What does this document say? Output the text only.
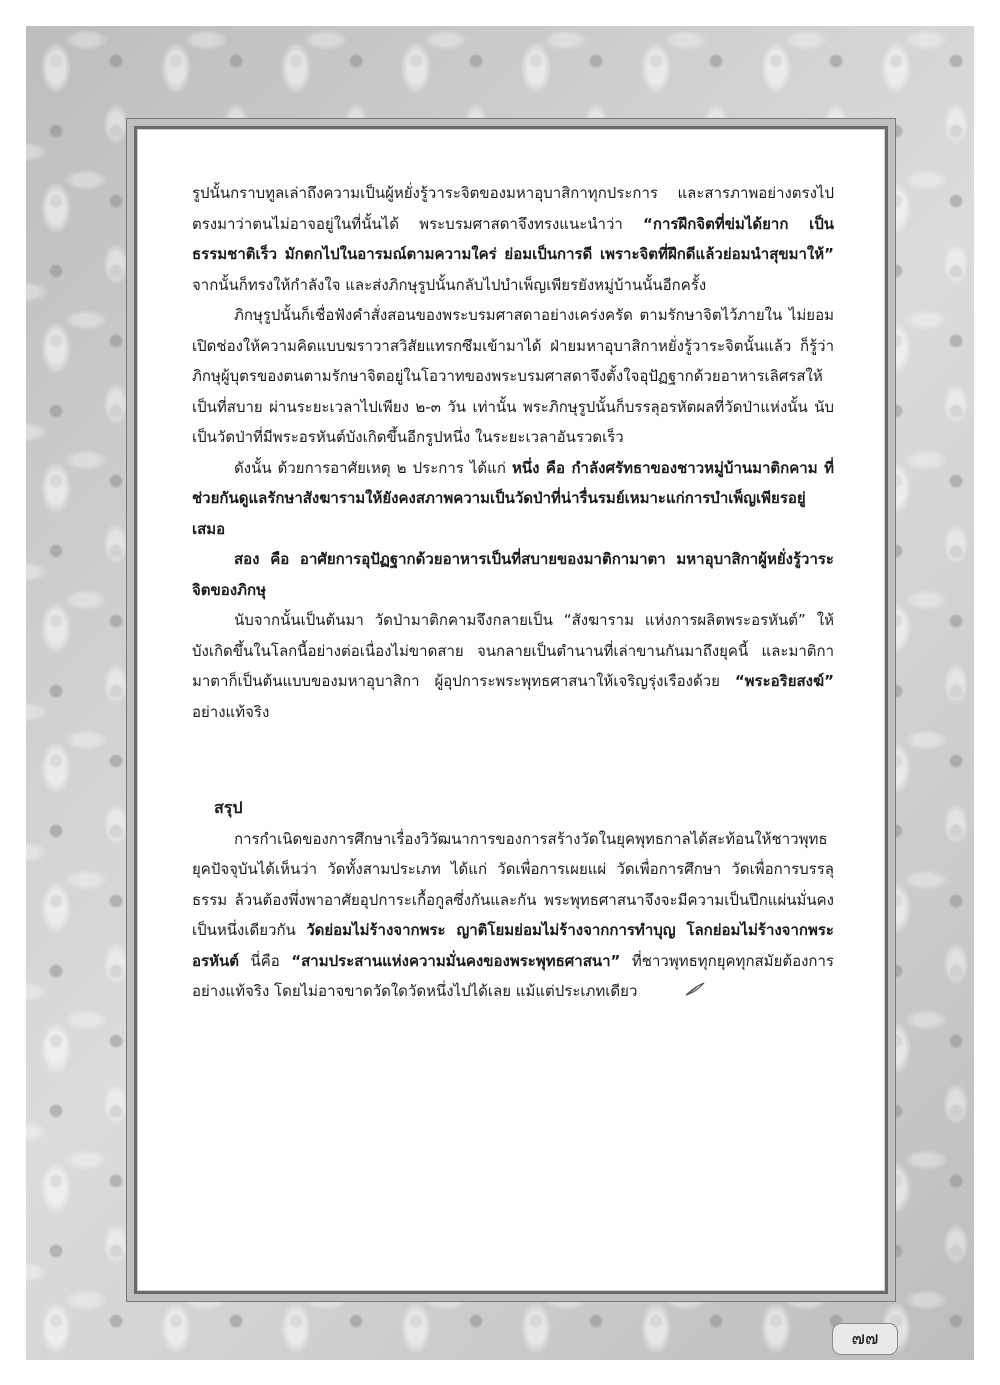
รูปนั้นกราบทูลเล่าถึงความเป็นผู้หยั่งรู้วาระจิตของมหาอุบาสิกาทุกประการ และสารภาพอย่างตรงไปตรงมาว่าตนไม่อาจอยู่ในที่นั้นได้ พระบรมศาสดาจึงทรงแนะนำว่า “การฝึกจิตที่ข่มได้ยาก เป็นธรรมชาติเร็ว มักตกไปในอารมณ์ตามความใคร่ ย่อมเป็นการดี เพราะจิตที่ฝึกดีแล้วย่อมนำสุขมาให้” จากนั้นก็ทรงให้กำลังใจ และส่งภิกษุรูปนั้นกลับไปบำเพ็ญเพียรยังหมู่บ้านนั้นอีกครั้ง

ภิกษุรูปนั้นก็เชื่อฟังคำสั่งสอนของพระบรมศาสดาอย่างเคร่งครัด ตามรักษาจิตไว้ภายใน ไม่ยอมเปิดช่องให้ความคิดแบบฆราวาสวิสัยแทรกซึมเข้ามาได้ ฝ่ายมหาอุบาสิกาหยั่งรู้วาระจิตนั้นแล้ว ก็รู้ว่าภิกษุผู้บุตรของตนตามรักษาจิตอยู่ในโอวาทของพระบรมศาสดาจึงตั้งใจอุปัฏฐากด้วยอาหารเลิศรสให้เป็นที่สบาย ผ่านระยะเวลาไปเพียง ๒-๓ วัน เท่านั้น พระภิกษุรูปนั้นก็บรรลุอรหัตผลที่วัดป่าแห่งนั้น นับเป็นวัดป่าที่มีพระอรหันต์บังเกิดขึ้นอีกรูปหนึ่ง ในระยะเวลาอันรวดเร็ว

ดังนั้น ด้วยการอาศัยเหตุ ๒ ประการ ได้แก่ หนึ่ง คือ กำลังศรัทธาของชาวหมู่บ้านมาติกคาม ที่ช่วยกันดูแลรักษาสังฆารามให้ยังคงสภาพความเป็นวัดป่าที่น่ารื่นรมย์เหมาะแก่การบำเพ็ญเพียรอยู่เสมอ

สอง คือ อาศัยการอุปัฏฐากด้วยอาหารเป็นที่สบายของมาติกามาตา มหาอุบาสิกาผู้หยั่งรู้วาระจิตของภิกษุ

นับจากนั้นเป็นต้นมา วัดป่ามาติกคามจึงกลายเป็น “สังฆาราม แห่งการผลิตพระอรหันต์” ให้บังเกิดขึ้นในโลกนี้อย่างต่อเนื่องไม่ขาดสาย จนกลายเป็นตำนานที่เล่าขานกันมาถึงยุคนี้ และมาติกามาตาก็เป็นต้นแบบของมหาอุบาสิกา ผู้อุปการะพระพุทธศาสนาให้เจริญรุ่งเรืองด้วย “พระอริยสงฆ์” อย่างแท้จริง

สรุป

การกำเนิดของการศึกษาเรื่องวิวัฒนาการของการสร้างวัดในยุคพุทธกาลได้สะท้อนให้ชาวพุทธยุคปัจจุบันได้เห็นว่า วัดทั้งสามประเภท ได้แก่ วัดเพื่อการเผยแผ่ วัดเพื่อการศึกษา วัดเพื่อการบรรลุธรรม ล้วนต้องพึ่งพาอาศัยอุปการะเกื้อกูลซึ่งกันและกัน พระพุทธศาสนาจึงจะมีความเป็นปึกแผ่นมั่นคงเป็นหนึ่งเดียวกัน วัดย่อมไม่ร้างจากพระ ญาติโยมย่อมไม่ร้างจากการทำบุญ โลกย่อมไม่ร้างจากพระอรหันต์ นี่คือ “สามประสานแห่งความมั่นคงของพระพุทธศาสนา” ที่ชาวพุทธทุกยุคทุกสมัยต้องการอย่างแท้จริง โดยไม่อาจขาดวัดใดวัดหนึ่งไปได้เลย แม้แต่ประเภทเดียว

๗๗
